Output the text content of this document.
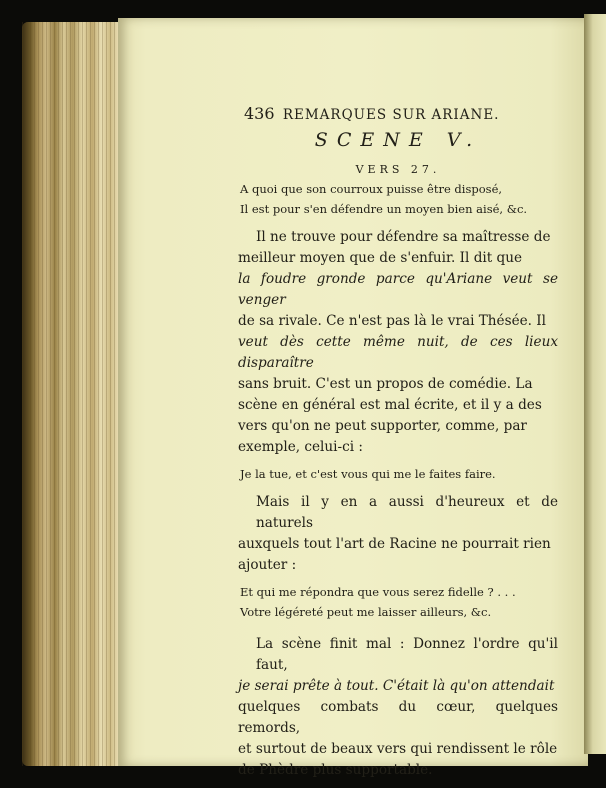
436 REMARQUES SUR ARIANE.
SCENE V.
VERS 27.
A quoi que son courroux puisse être disposé,
Il est pour s'en défendre un moyen bien aisé, &c.
Il ne trouve pour défendre sa maîtresse de
meilleur moyen que de s'enfuir. Il dit que
la foudre gronde parce qu'Ariane veut se venger
de sa rivale. Ce n'est pas là le vrai Thésée. Il
veut dès cette même nuit, de ces lieux disparaître
sans bruit. C'est un propos de comédie. La
scène en général est mal écrite, et il y a des
vers qu'on ne peut supporter, comme, par
exemple, celui-ci :
Je la tue, et c'est vous qui me le faites faire.
Mais il y en a aussi d'heureux et de naturels
auxquels tout l'art de Racine ne pourrait rien
ajouter :
Et qui me répondra que vous serez fidelle ? . . .
Votre légéreté peut me laisser ailleurs, &c.
La scène finit mal : Donnez l'ordre qu'il faut,
je serai prête à tout. C'était là qu'on attendait
quelques combats du cœur, quelques remords,
et surtout de beaux vers qui rendissent le rôle
de Phèdre plus supportable.
